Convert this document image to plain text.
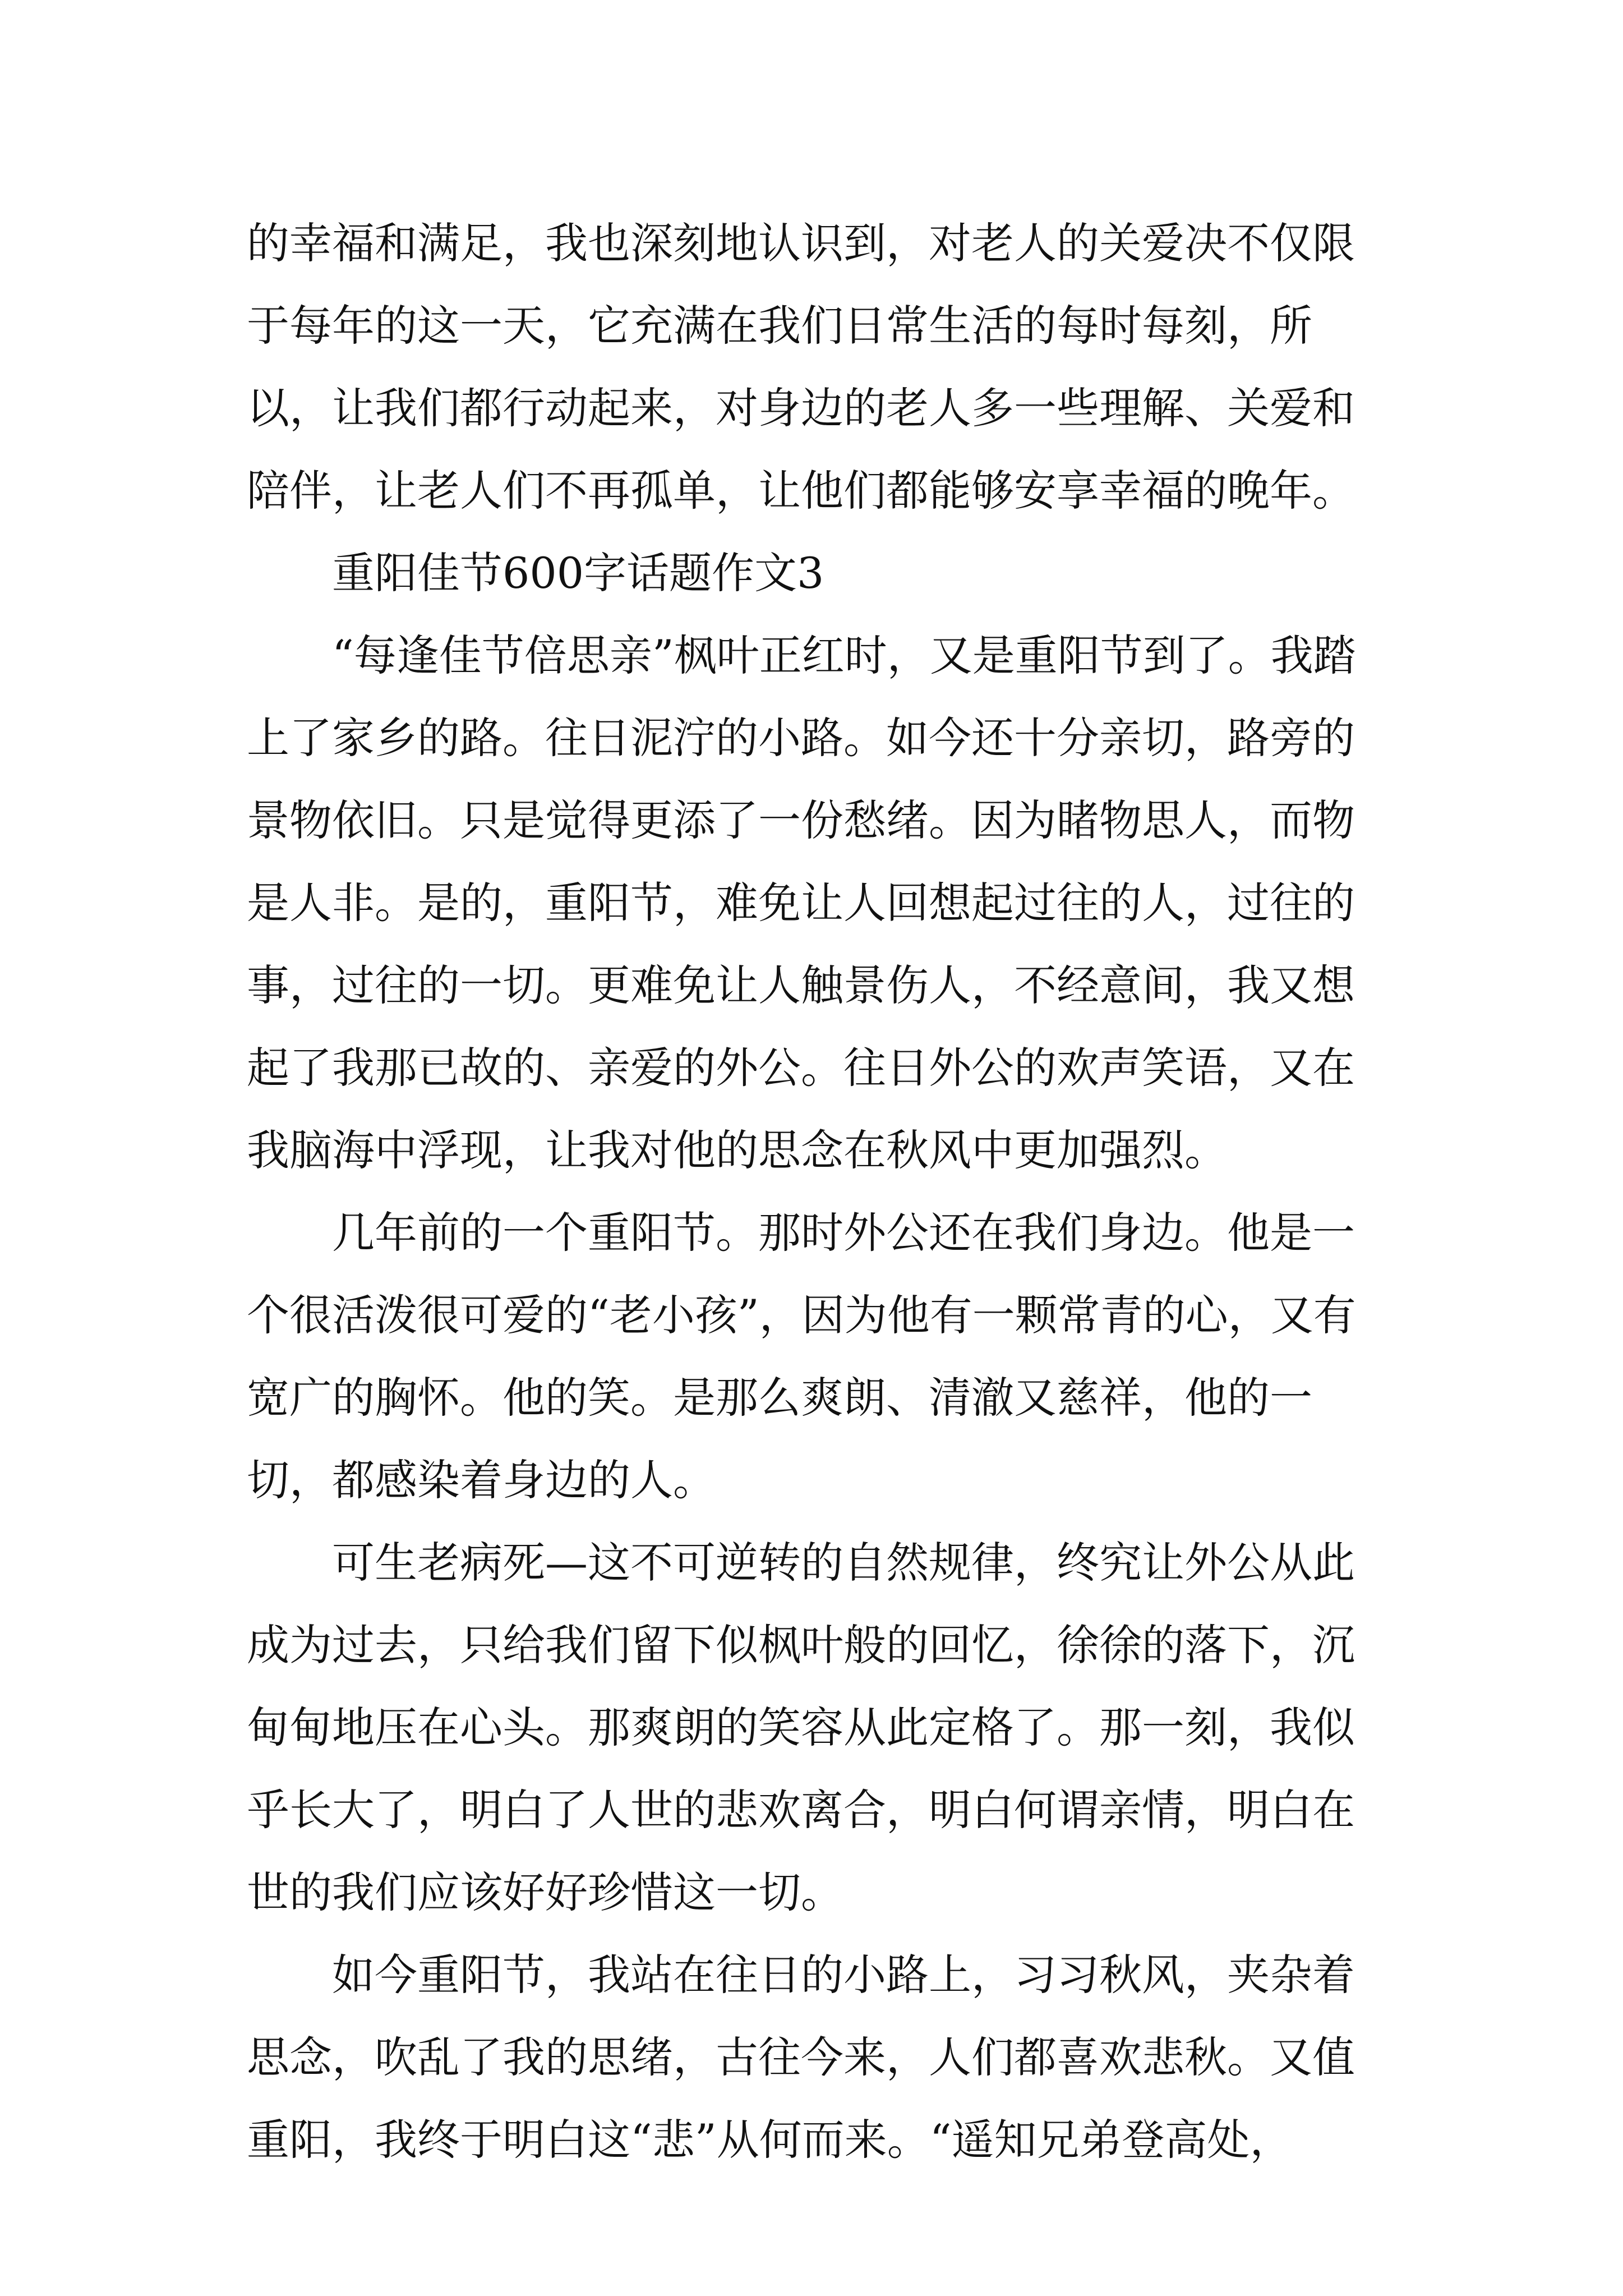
的幸福和满足，我也深刻地认识到，对老人的关爱决不仅限于每年的这一天，它充满在我们日常生活的每时每刻，所以，让我们都行动起来，对身边的老人多一些理解、关爱和陪伴，让老人们不再孤单，让他们都能够安享幸福的晚年。

　　重阳佳节600字话题作文3

　　“每逢佳节倍思亲”枫叶正红时，又是重阳节到了。我踏上了家乡的路。往日泥泞的小路。如今还十分亲切，路旁的景物依旧。只是觉得更添了一份愁绪。因为睹物思人，而物是人非。是的，重阳节，难免让人回想起过往的人，过往的事，过往的一切。更难免让人触景伤人，不经意间，我又想起了我那已故的、亲爱的外公。往日外公的欢声笑语，又在我脑海中浮现，让我对他的思念在秋风中更加强烈。

　　几年前的一个重阳节。那时外公还在我们身边。他是一个很活泼很可爱的“老小孩”，因为他有一颗常青的心，又有宽广的胸怀。他的笑。是那么爽朗、清澈又慈祥，他的一切，都感染着身边的人。

　　可生老病死—这不可逆转的自然规律，终究让外公从此成为过去，只给我们留下似枫叶般的回忆，徐徐的落下，沉甸甸地压在心头。那爽朗的笑容从此定格了。那一刻，我似乎长大了，明白了人世的悲欢离合，明白何谓亲情，明白在世的我们应该好好珍惜这一切。

　　如今重阳节，我站在往日的小路上，习习秋风，夹杂着思念，吹乱了我的思绪，古往今来，人们都喜欢悲秋。又值重阳，我终于明白这“悲”从何而来。“遥知兄弟登高处，
